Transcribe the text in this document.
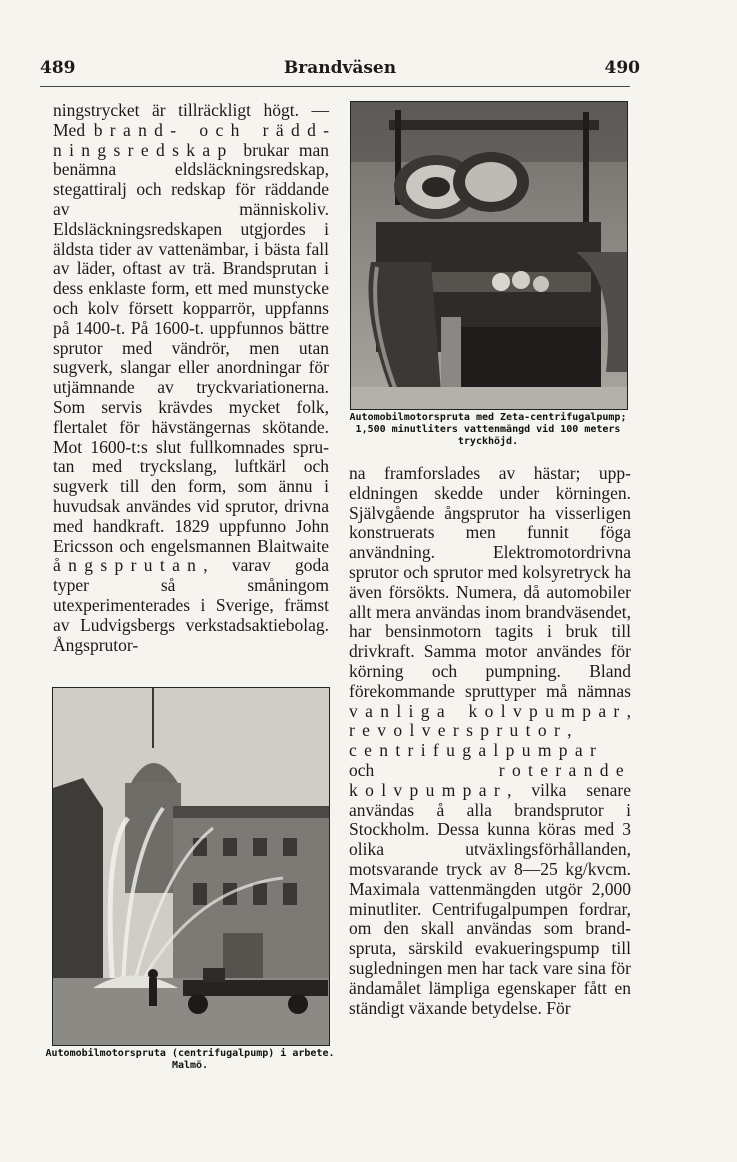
Brandväsen
489	490

ningstrycket är tillräckligt högt. — Med brand- och räddningsredskap brukar man benämna eldsläckningsredskap, stegattiralj och redskap för räddande av människoliv. Eldsläckningsredskapen utgjordes i äldsta tider av vattenämbar, i bästa fall av läder, oftast av trä. Brandsprutan i dess enklaste form, ett med munstycke och kolv försett kopparrör, uppfanns på 1400-t. På 1600-t. uppfunnos bättre sprutor med vändrör, men utan sugverk, slangar eller anordningar för utjämnande av tryckvariationerna. Som servis krävdes mycket folk, flertalet för hävstängernas skötande. Mot 1600-t:s slut fullkomnades sprutan med tryckslang, luftkärl och sugverk till den form, som ännu i huvudsak användes vid sprutor, drivna med handkraft. 1829 uppfunno John Ericsson och engelsmannen Blaitwaite ångsprutan, varav goda typer så småningom utexperimenterades i Sverige, främst av Ludvigsbergs verkstadsaktiebolag. Ångsprutor-

Automobilmotorspruta med Zeta-centrifugalpump; 1,500 minutliters vattenmängd vid 100 meters tryckhöjd.

na framforslades av hästar; uppeldningen skedde under körningen. Självgående ångsprutor ha visserligen konstruerats men funnit föga användning. Elektromotordrivna sprutor och sprutor med kolsyretryck ha även försökts. Numera, då automobiler allt mera användas inom brandväsendet, har bensinmotorn tagits i bruk till drivkraft. Samma motor användes för körning och pumpning. Bland förekommande spruttyper må nämnas vanliga kolvpumpar, revolversprutor, centrifugalpumpar och roterande kolvpumpar, vilka senare användas å alla brandsprutor i Stockholm. Dessa kunna köras med 3 olika utväxlingsförhållanden, motsvarande tryck av 8—25 kg/kvcm. Maximala vattenmängden utgör 2,000 minutliter. Centrifugalpumpen fordrar, om den skall användas som brandspruta, särskild evakueringspump till sugledningen men har tack vare sina för ändamålet lämpliga egenskaper fått en ständigt växande betydelse. För

Automobilmotorspruta (centrifugalpump) i arbete. Malmö.
